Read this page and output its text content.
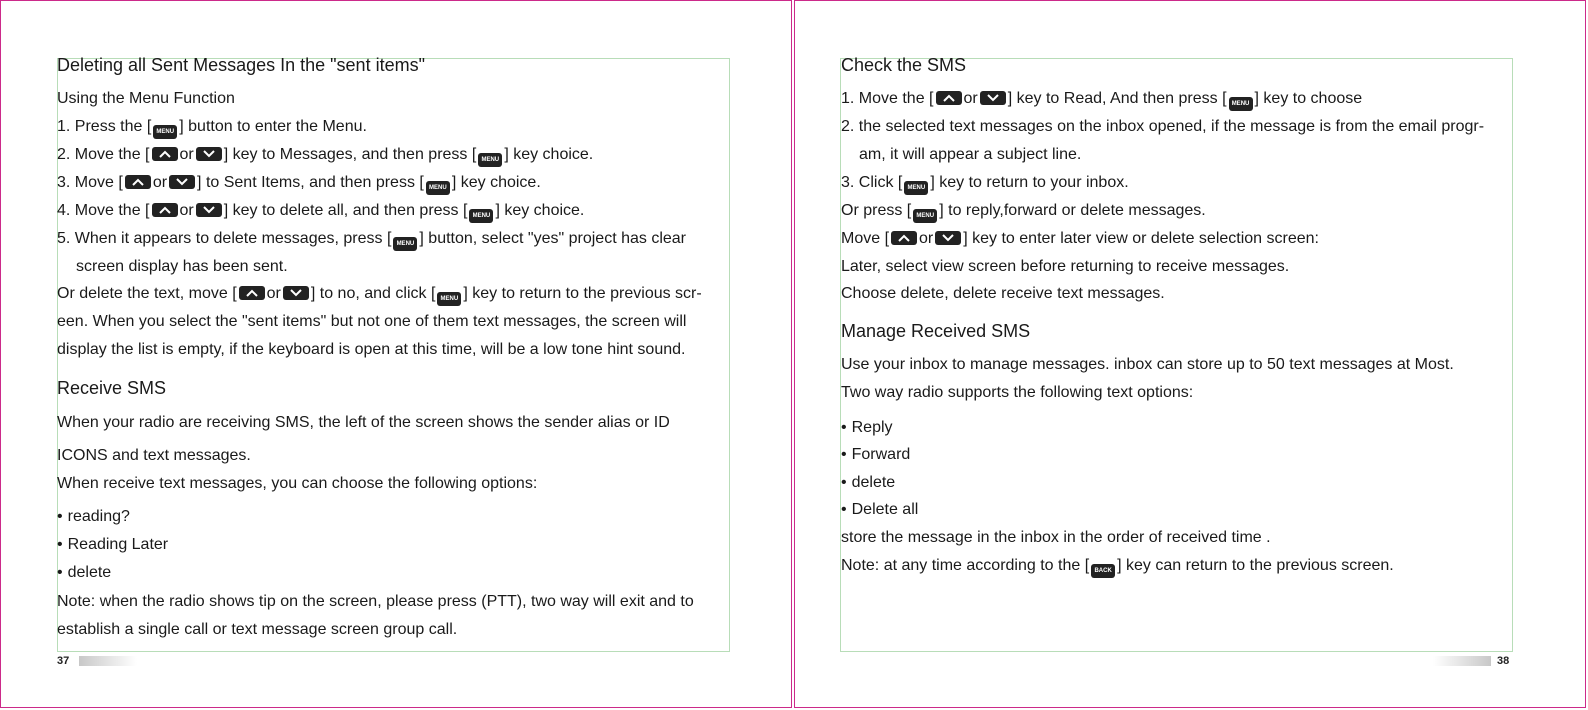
Deleting all Sent Messages In the "sent items"
Using the Menu Function
1. Press the [ MENU ] button to enter the Menu.
2. Move the [ or ] key to Messages, and then press [ MENU ] key choice.
3. Move [ or ] to Sent Items, and then press [ MENU ] key choice.
4. Move the [ or ] key to delete all, and then press [ MENU ] key choice.
5. When it appears to delete messages, press [ MENU ] button, select "yes" project has clear
screen display has been sent.
Or delete the text, move [ or ] to no, and click [ MENU ] key to return to the previous scr-
een. When you select the "sent items" but not one of them text messages, the screen will
display the list is empty, if the keyboard is open at this time, will be a low tone hint sound.
Receive SMS
When your radio are receiving SMS, the left of the screen shows the sender alias or ID
ICONS and text messages.
When receive text messages, you can choose the following options:
• reading?
• Reading Later
• delete
Note: when the radio shows tip on the screen, please press (PTT), two way will exit and to
establish a single call or text message screen group call.
37
Check the SMS
1. Move the [ or ] key to Read, And then press [ MENU ] key to choose
2. the selected text messages on the inbox opened, if the message is from the email progr-
am, it will appear a subject line.
3. Click [ MENU ] key to return to your inbox.
Or press [ MENU ] to reply,forward or delete messages.
Move [ or ] key to enter later view or delete selection screen:
Later, select view screen before returning to receive messages.
Choose delete, delete receive text messages.
Manage Received SMS
Use your inbox to manage messages. inbox can store up to 50 text messages at Most.
Two way radio supports the following text options:
• Reply
• Forward
• delete
• Delete all
store the message in the inbox in the order of received time .
Note: at any time according to the [ BACK ] key can return to the previous screen.
38
